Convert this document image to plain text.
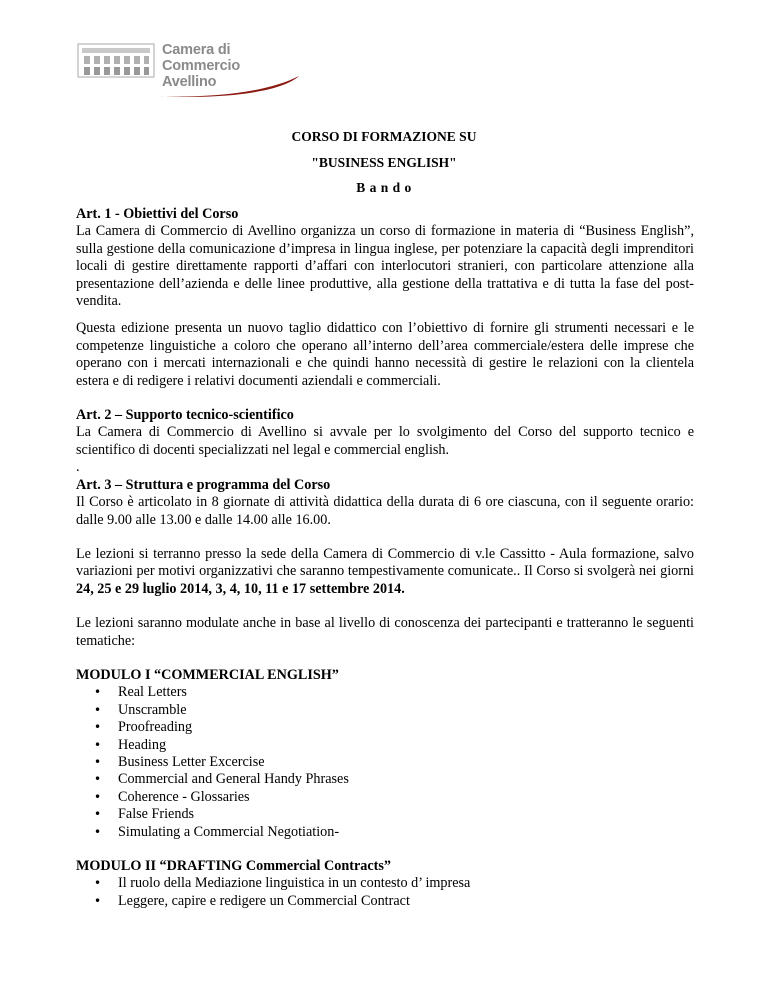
Camera di Commercio
Avellino
CORSO DI FORMAZIONE SU
"BUSINESS ENGLISH"
B a n d o

Art. 1 - Obiettivi del Corso

La Camera di Commercio di Avellino organizza un corso di formazione in materia di “Business English”, sulla gestione della comunicazione d’impresa in lingua inglese, per potenziare la capacità degli imprenditori locali di gestire direttamente rapporti d’affari con interlocutori stranieri, con particolare attenzione alla presentazione dell’azienda e delle linee produttive, alla gestione della trattativa e di tutta la fase del post-vendita.

Questa edizione presenta un nuovo taglio didattico con l’obiettivo di fornire gli strumenti necessari e le competenze linguistiche a coloro che operano all’interno dell’area commerciale/estera delle imprese che operano con i mercati internazionali e che quindi hanno necessità di gestire le relazioni con la clientela estera e di redigere i relativi documenti aziendali e commerciali.

Art. 2 – Supporto tecnico-scientifico

La Camera di Commercio di Avellino si avvale per lo svolgimento del Corso del supporto tecnico e scientifico di docenti specializzati nel legal e commercial english.

.

Art. 3 – Struttura e programma del Corso

Il Corso è articolato in 8 giornate di attività didattica della durata di 6 ore ciascuna, con il seguente orario: dalle 9.00 alle 13.00 e dalle 14.00 alle 16.00.

Le lezioni si terranno presso la sede della Camera di Commercio di v.le Cassitto - Aula formazione, salvo variazioni per motivi organizzativi che saranno tempestivamente comunicate.. Il Corso si svolgerà nei giorni 24, 25 e 29 luglio 2014, 3, 4, 10, 11 e 17 settembre 2014.

Le lezioni saranno modulate anche in base al livello di conoscenza dei partecipanti e tratteranno le seguenti tematiche:

MODULO I “COMMERCIAL ENGLISH”

• Real Letters
• Unscramble
• Proofreading
• Heading
• Business Letter Excercise
• Commercial and General Handy Phrases
• Coherence - Glossaries
• False Friends
• Simulating a Commercial Negotiation-

MODULO II “DRAFTING Commercial Contracts”

• Il ruolo della Mediazione linguistica in un contesto d’ impresa
• Leggere, capire e redigere un Commercial Contract
